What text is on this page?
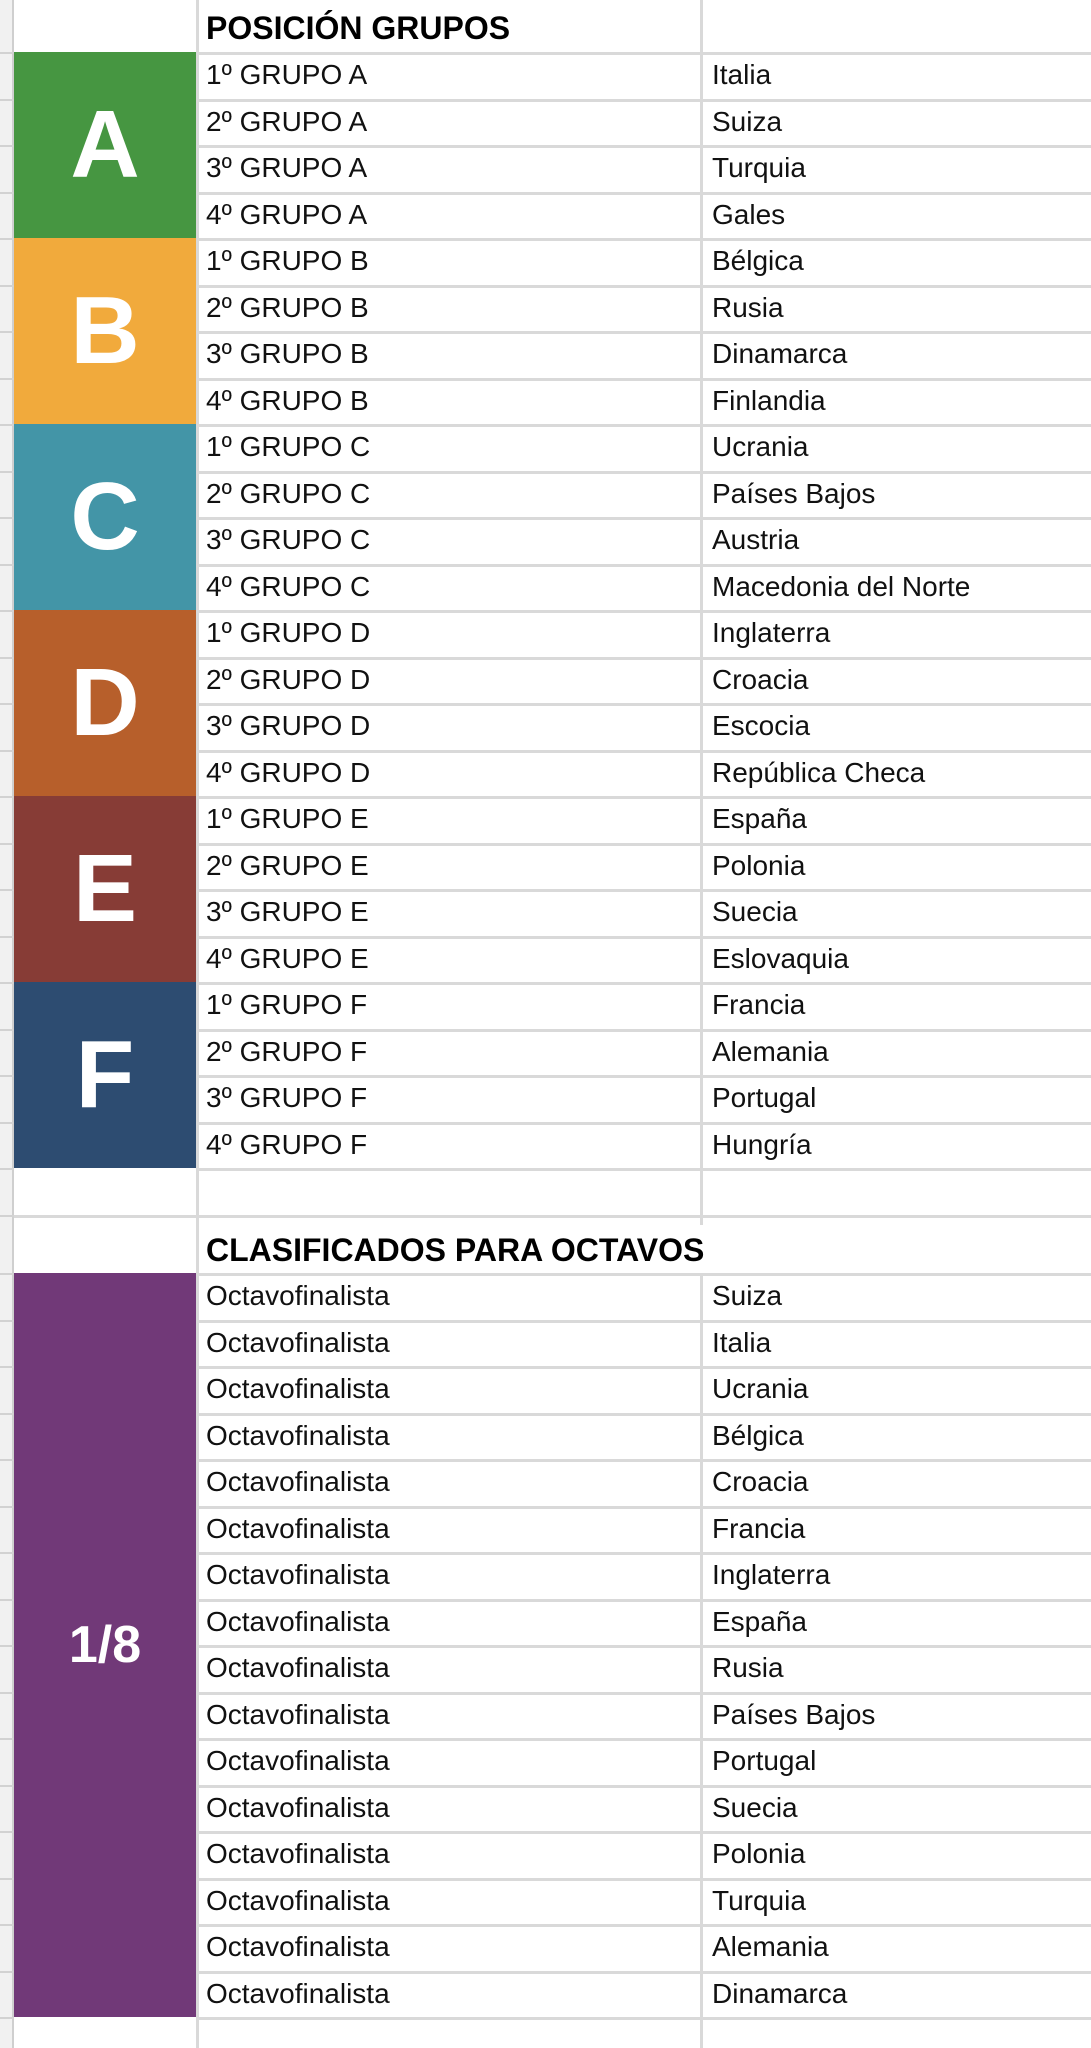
POSICIÓN GRUPOS
CLASIFICADOS PARA OCTAVOS
A
1º GRUPO A	Italia
2º GRUPO A	Suiza
3º GRUPO A	Turquia
4º GRUPO A	Gales
B
1º GRUPO B	Bélgica
2º GRUPO B	Rusia
3º GRUPO B	Dinamarca
4º GRUPO B	Finlandia
C
1º GRUPO C	Ucrania
2º GRUPO C	Países Bajos
3º GRUPO C	Austria
4º GRUPO C	Macedonia del Norte
D
1º GRUPO D	Inglaterra
2º GRUPO D	Croacia
3º GRUPO D	Escocia
4º GRUPO D	República Checa
E
1º GRUPO E	España
2º GRUPO E	Polonia
3º GRUPO E	Suecia
4º GRUPO E	Eslovaquia
F
1º GRUPO F	Francia
2º GRUPO F	Alemania
3º GRUPO F	Portugal
4º GRUPO F	Hungría
1/8
Octavofinalista	Suiza
Octavofinalista	Italia
Octavofinalista	Ucrania
Octavofinalista	Bélgica
Octavofinalista	Croacia
Octavofinalista	Francia
Octavofinalista	Inglaterra
Octavofinalista	España
Octavofinalista	Rusia
Octavofinalista	Países Bajos
Octavofinalista	Portugal
Octavofinalista	Suecia
Octavofinalista	Polonia
Octavofinalista	Turquia
Octavofinalista	Alemania
Octavofinalista	Dinamarca
